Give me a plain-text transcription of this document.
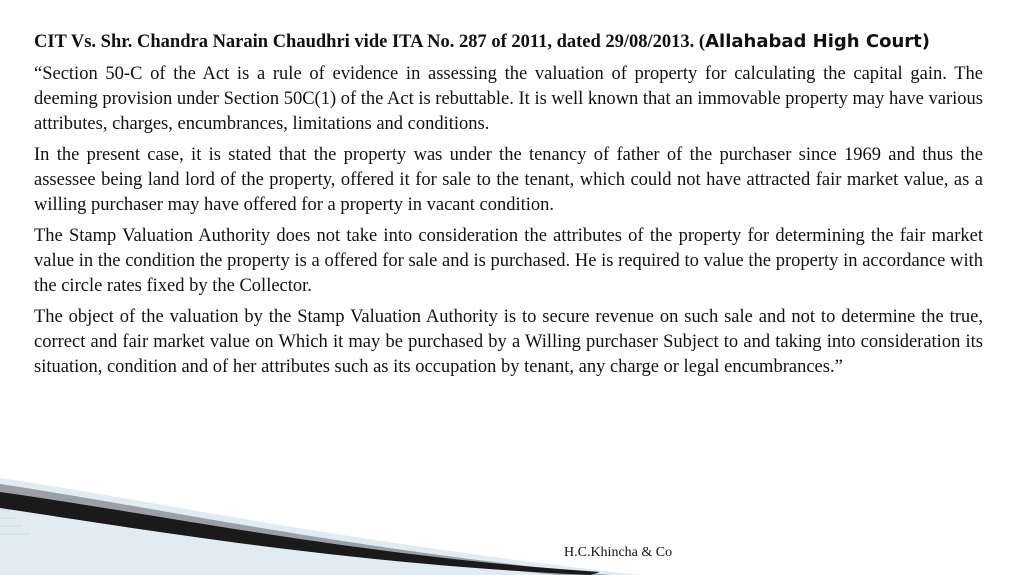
CIT Vs. Shr. Chandra Narain Chaudhri vide ITA No. 287 of 2011, dated 29/08/2013. (Allahabad High Court)

“Section 50-C of the Act is a rule of evidence in assessing the valuation of property for calculating the capital gain. The deeming provision under Section 50C(1) of the Act is rebuttable. It is well known that an immovable property may have various attributes, charges, encumbrances, limitations and conditions.

In the present case, it is stated that the property was under the tenancy of father of the purchaser since 1969 and thus the assessee being land lord of the property, offered it for sale to the tenant, which could not have attracted fair market value, as a willing purchaser may have offered for a property in vacant condition.

The Stamp Valuation Authority does not take into consideration the attributes of the property for determining the fair market value in the condition the property is a offered for sale and is purchased. He is required to value the property in accordance with the circle rates fixed by the Collector.

The object of the valuation by the Stamp Valuation Authority is to secure revenue on such sale and not to determine the true, correct and fair market value on Which it may be purchased by a Willing purchaser Subject to and taking into consideration its situation, condition and of her attributes such as its occupation by tenant, any charge or legal encumbrances.”

H.C.Khincha & Co
